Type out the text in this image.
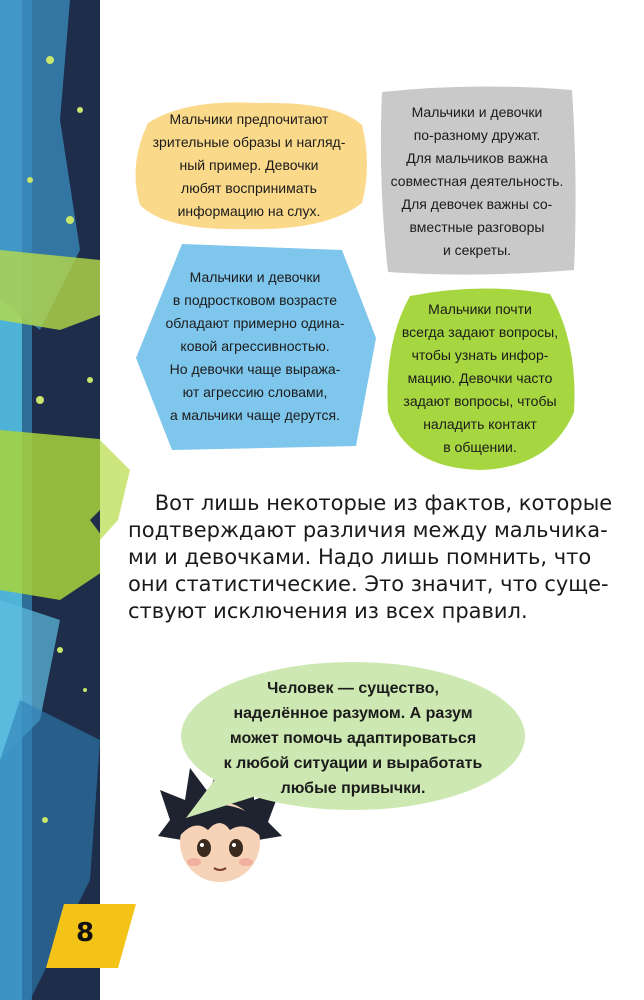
Мальчики предпочитают
зрительные образы и нагляд-
ный пример. Девочки
любят воспринимать
информацию на слух.
Мальчики и девочки
по-разному дружат.
Для мальчиков важна
совместная деятельность.
Для девочек важны со-
вместные разговоры
и секреты.
Мальчики и девочки
в подростковом возрасте
обладают примерно одина-
ковой агрессивностью.
Но девочки чаще выража-
ют агрессию словами,
а мальчики чаще дерутся.
Мальчики почти
всегда задают вопросы,
чтобы узнать инфор-
мацию. Девочки часто
задают вопросы, чтобы
наладить контакт
в общении.
Вот лишь некоторые из фактов, которые
подтверждают различия между мальчика-
ми и девочками. Надо лишь помнить, что
они статистические. Это значит, что суще-
ствуют исключения из всех правил.
Человек — существо,
наделённое разумом. А разум
может помочь адаптироваться
к любой ситуации и выработать
любые привычки.
8
